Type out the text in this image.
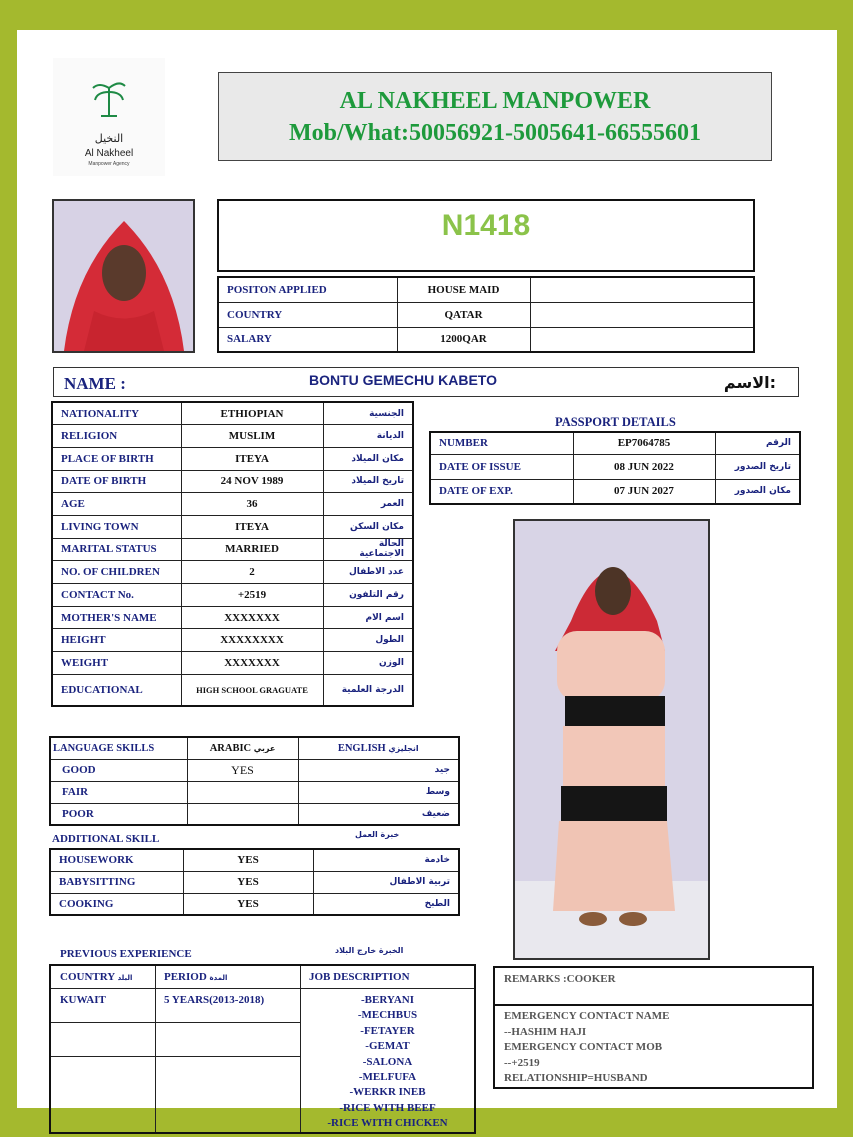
النخيل
Al Nakheel
Manpower Agency
AL NAKHEEL MANPOWER
Mob/What:50056921-5005641-66555601
N1418
POSITON APPLIED	HOUSE MAID	
COUNTRY	QATAR	
SALARY	1200QAR	
NAME :	BONTU GEMECHU KABETO	الاسم:
NATIONALITY	ETHIOPIAN	الجنسية
RELIGION	MUSLIM	الديانة
PLACE OF BIRTH	ITEYA	مكان الميلاد
DATE OF BIRTH	24 NOV 1989	تاريخ الميلاد
AGE	36	العمر
LIVING TOWN	ITEYA	مكان السكن
MARITAL STATUS	MARRIED	الحالة الاجتماعية
NO. OF CHILDREN	2	عدد الاطفال
CONTACT No.	+2519	رقم التلفون
MOTHER'S NAME	XXXXXXX	اسم الام
HEIGHT	XXXXXXXX	الطول
WEIGHT	XXXXXXX	الوزن
EDUCATIONAL	HIGH SCHOOL GRAGUATE	الدرجة العلمية
PASSPORT DETAILS
NUMBER	EP7064785	الرقم
DATE OF ISSUE	08 JUN 2022	تاريخ الصدور
DATE OF EXP.	07 JUN 2027	مكان الصدور
LANGUAGE SKILLS	ARABIC عربي	ENGLISH انجليزي
GOOD	YES	جيد
FAIR		وسط
POOR		ضعيف
ADDITIONAL SKILL	خبرة العمل
HOUSEWORK	YES	خادمة
BABYSITTING	YES	تربية الاطفال
COOKING	YES	الطبخ
PREVIOUS EXPERIENCE	الخبرة خارج البلاد
COUNTRY البلد	PERIOD المدة	JOB DESCRIPTION
KUWAIT	5 YEARS(2013-2018)	-BERYANI
-MECHBUS
-FETAYER
-GEMAT
-SALONA
-MELFUFA
-WERKR INEB
-RICE WITH BEEF
-RICE WITH CHICKEN
REMARKS :COOKER
EMERGENCY CONTACT NAME
--HASHIM HAJI
EMERGENCY CONTACT MOB
--+2519
RELATIONSHIP=HUSBAND
